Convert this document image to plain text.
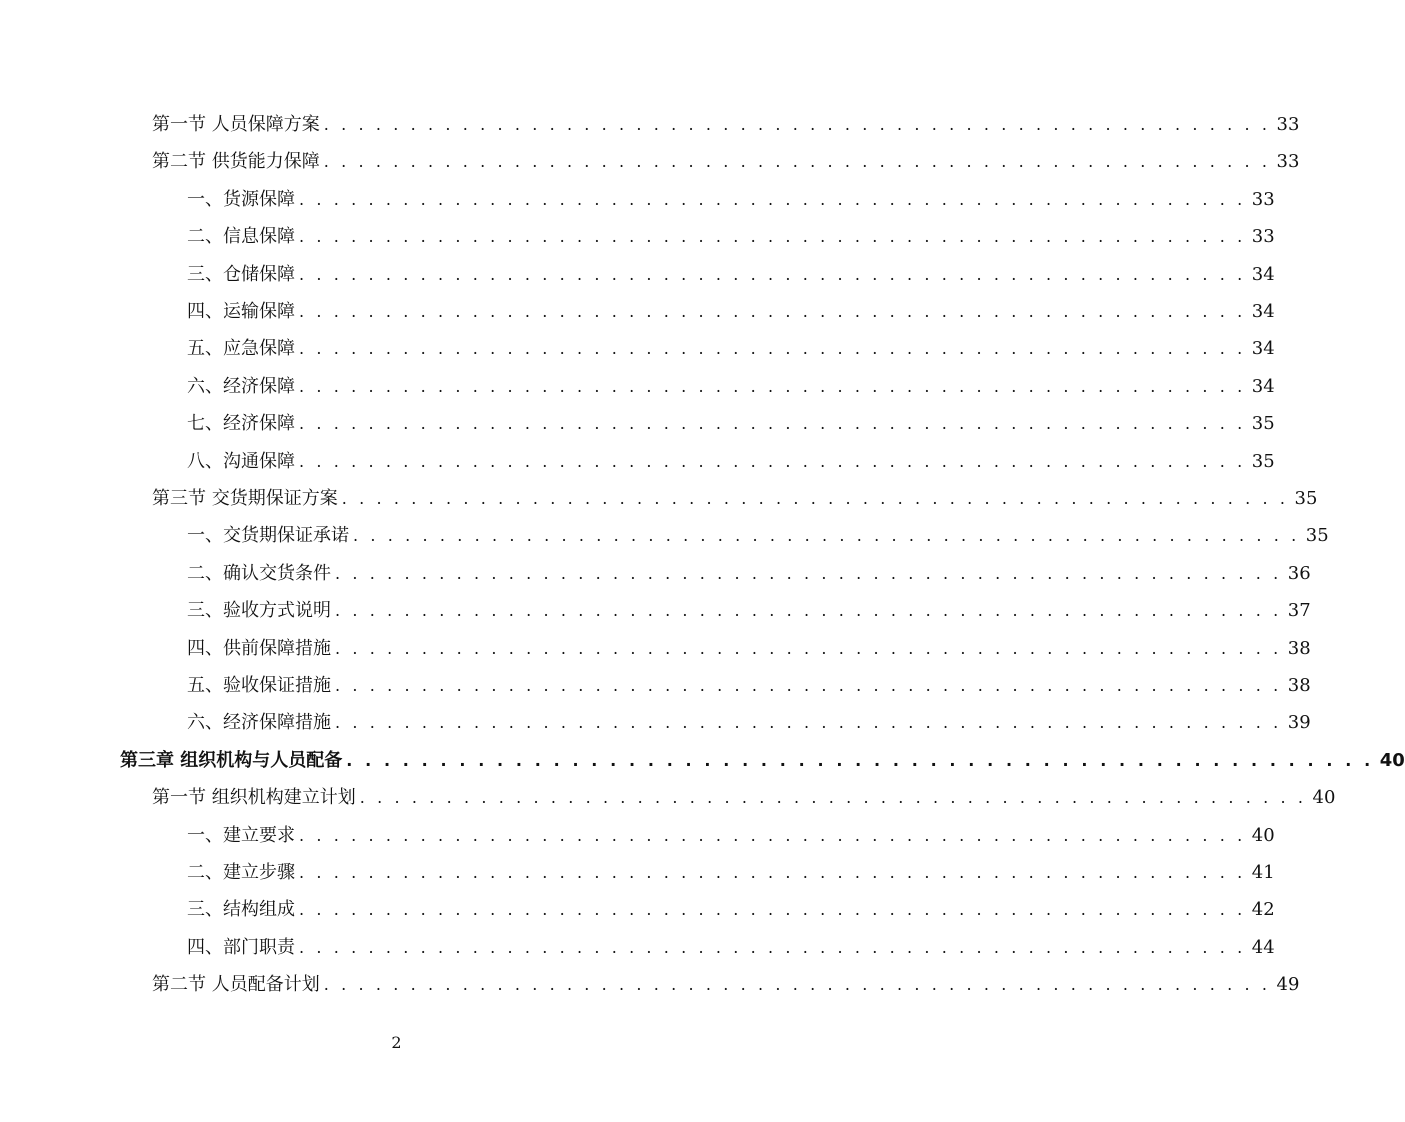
第一节 人员保障方案 . . . . . . . . . . . . . . . . . . . . . . . . . . . . . . . . . . . . . . . . . . . . . . . . . . . . . . . 33
第二节 供货能力保障 . . . . . . . . . . . . . . . . . . . . . . . . . . . . . . . . . . . . . . . . . . . . . . . . . . . . . . . 33
一、货源保障 . . . . . . . . . . . . . . . . . . . . . . . . . . . . . . . . . . . . . . . . . . . . . . . . . . . . . . . 33
二、信息保障 . . . . . . . . . . . . . . . . . . . . . . . . . . . . . . . . . . . . . . . . . . . . . . . . . . . . . . . 33
三、仓储保障 . . . . . . . . . . . . . . . . . . . . . . . . . . . . . . . . . . . . . . . . . . . . . . . . . . . . . . . 34
四、运输保障 . . . . . . . . . . . . . . . . . . . . . . . . . . . . . . . . . . . . . . . . . . . . . . . . . . . . . . . 34
五、应急保障 . . . . . . . . . . . . . . . . . . . . . . . . . . . . . . . . . . . . . . . . . . . . . . . . . . . . . . . 34
六、经济保障 . . . . . . . . . . . . . . . . . . . . . . . . . . . . . . . . . . . . . . . . . . . . . . . . . . . . . . . 34
七、经济保障 . . . . . . . . . . . . . . . . . . . . . . . . . . . . . . . . . . . . . . . . . . . . . . . . . . . . . . . 35
八、沟通保障 . . . . . . . . . . . . . . . . . . . . . . . . . . . . . . . . . . . . . . . . . . . . . . . . . . . . . . . 35
第三节 交货期保证方案 . . . . . . . . . . . . . . . . . . . . . . . . . . . . . . . . . . . . . . . . . . . . . . . . . . . . . . . 35
一、交货期保证承诺 . . . . . . . . . . . . . . . . . . . . . . . . . . . . . . . . . . . . . . . . . . . . . . . . . . . . . . . 35
二、确认交货条件 . . . . . . . . . . . . . . . . . . . . . . . . . . . . . . . . . . . . . . . . . . . . . . . . . . . . . . . 36
三、验收方式说明 . . . . . . . . . . . . . . . . . . . . . . . . . . . . . . . . . . . . . . . . . . . . . . . . . . . . . . . 37
四、供前保障措施 . . . . . . . . . . . . . . . . . . . . . . . . . . . . . . . . . . . . . . . . . . . . . . . . . . . . . . . 38
五、验收保证措施 . . . . . . . . . . . . . . . . . . . . . . . . . . . . . . . . . . . . . . . . . . . . . . . . . . . . . . . 38
六、经济保障措施 . . . . . . . . . . . . . . . . . . . . . . . . . . . . . . . . . . . . . . . . . . . . . . . . . . . . . . . 39
第三章 组织机构与人员配备 . . . . . . . . . . . . . . . . . . . . . . . . . . . . . . . . . . . . . . . . . . . . . . . . . . . . . . . 40
第一节 组织机构建立计划 . . . . . . . . . . . . . . . . . . . . . . . . . . . . . . . . . . . . . . . . . . . . . . . . . . . . . . . 40
一、建立要求 . . . . . . . . . . . . . . . . . . . . . . . . . . . . . . . . . . . . . . . . . . . . . . . . . . . . . . . 40
二、建立步骤 . . . . . . . . . . . . . . . . . . . . . . . . . . . . . . . . . . . . . . . . . . . . . . . . . . . . . . . 41
三、结构组成 . . . . . . . . . . . . . . . . . . . . . . . . . . . . . . . . . . . . . . . . . . . . . . . . . . . . . . . 42
四、部门职责 . . . . . . . . . . . . . . . . . . . . . . . . . . . . . . . . . . . . . . . . . . . . . . . . . . . . . . . 44
第二节 人员配备计划 . . . . . . . . . . . . . . . . . . . . . . . . . . . . . . . . . . . . . . . . . . . . . . . . . . . . . . . 49
2
